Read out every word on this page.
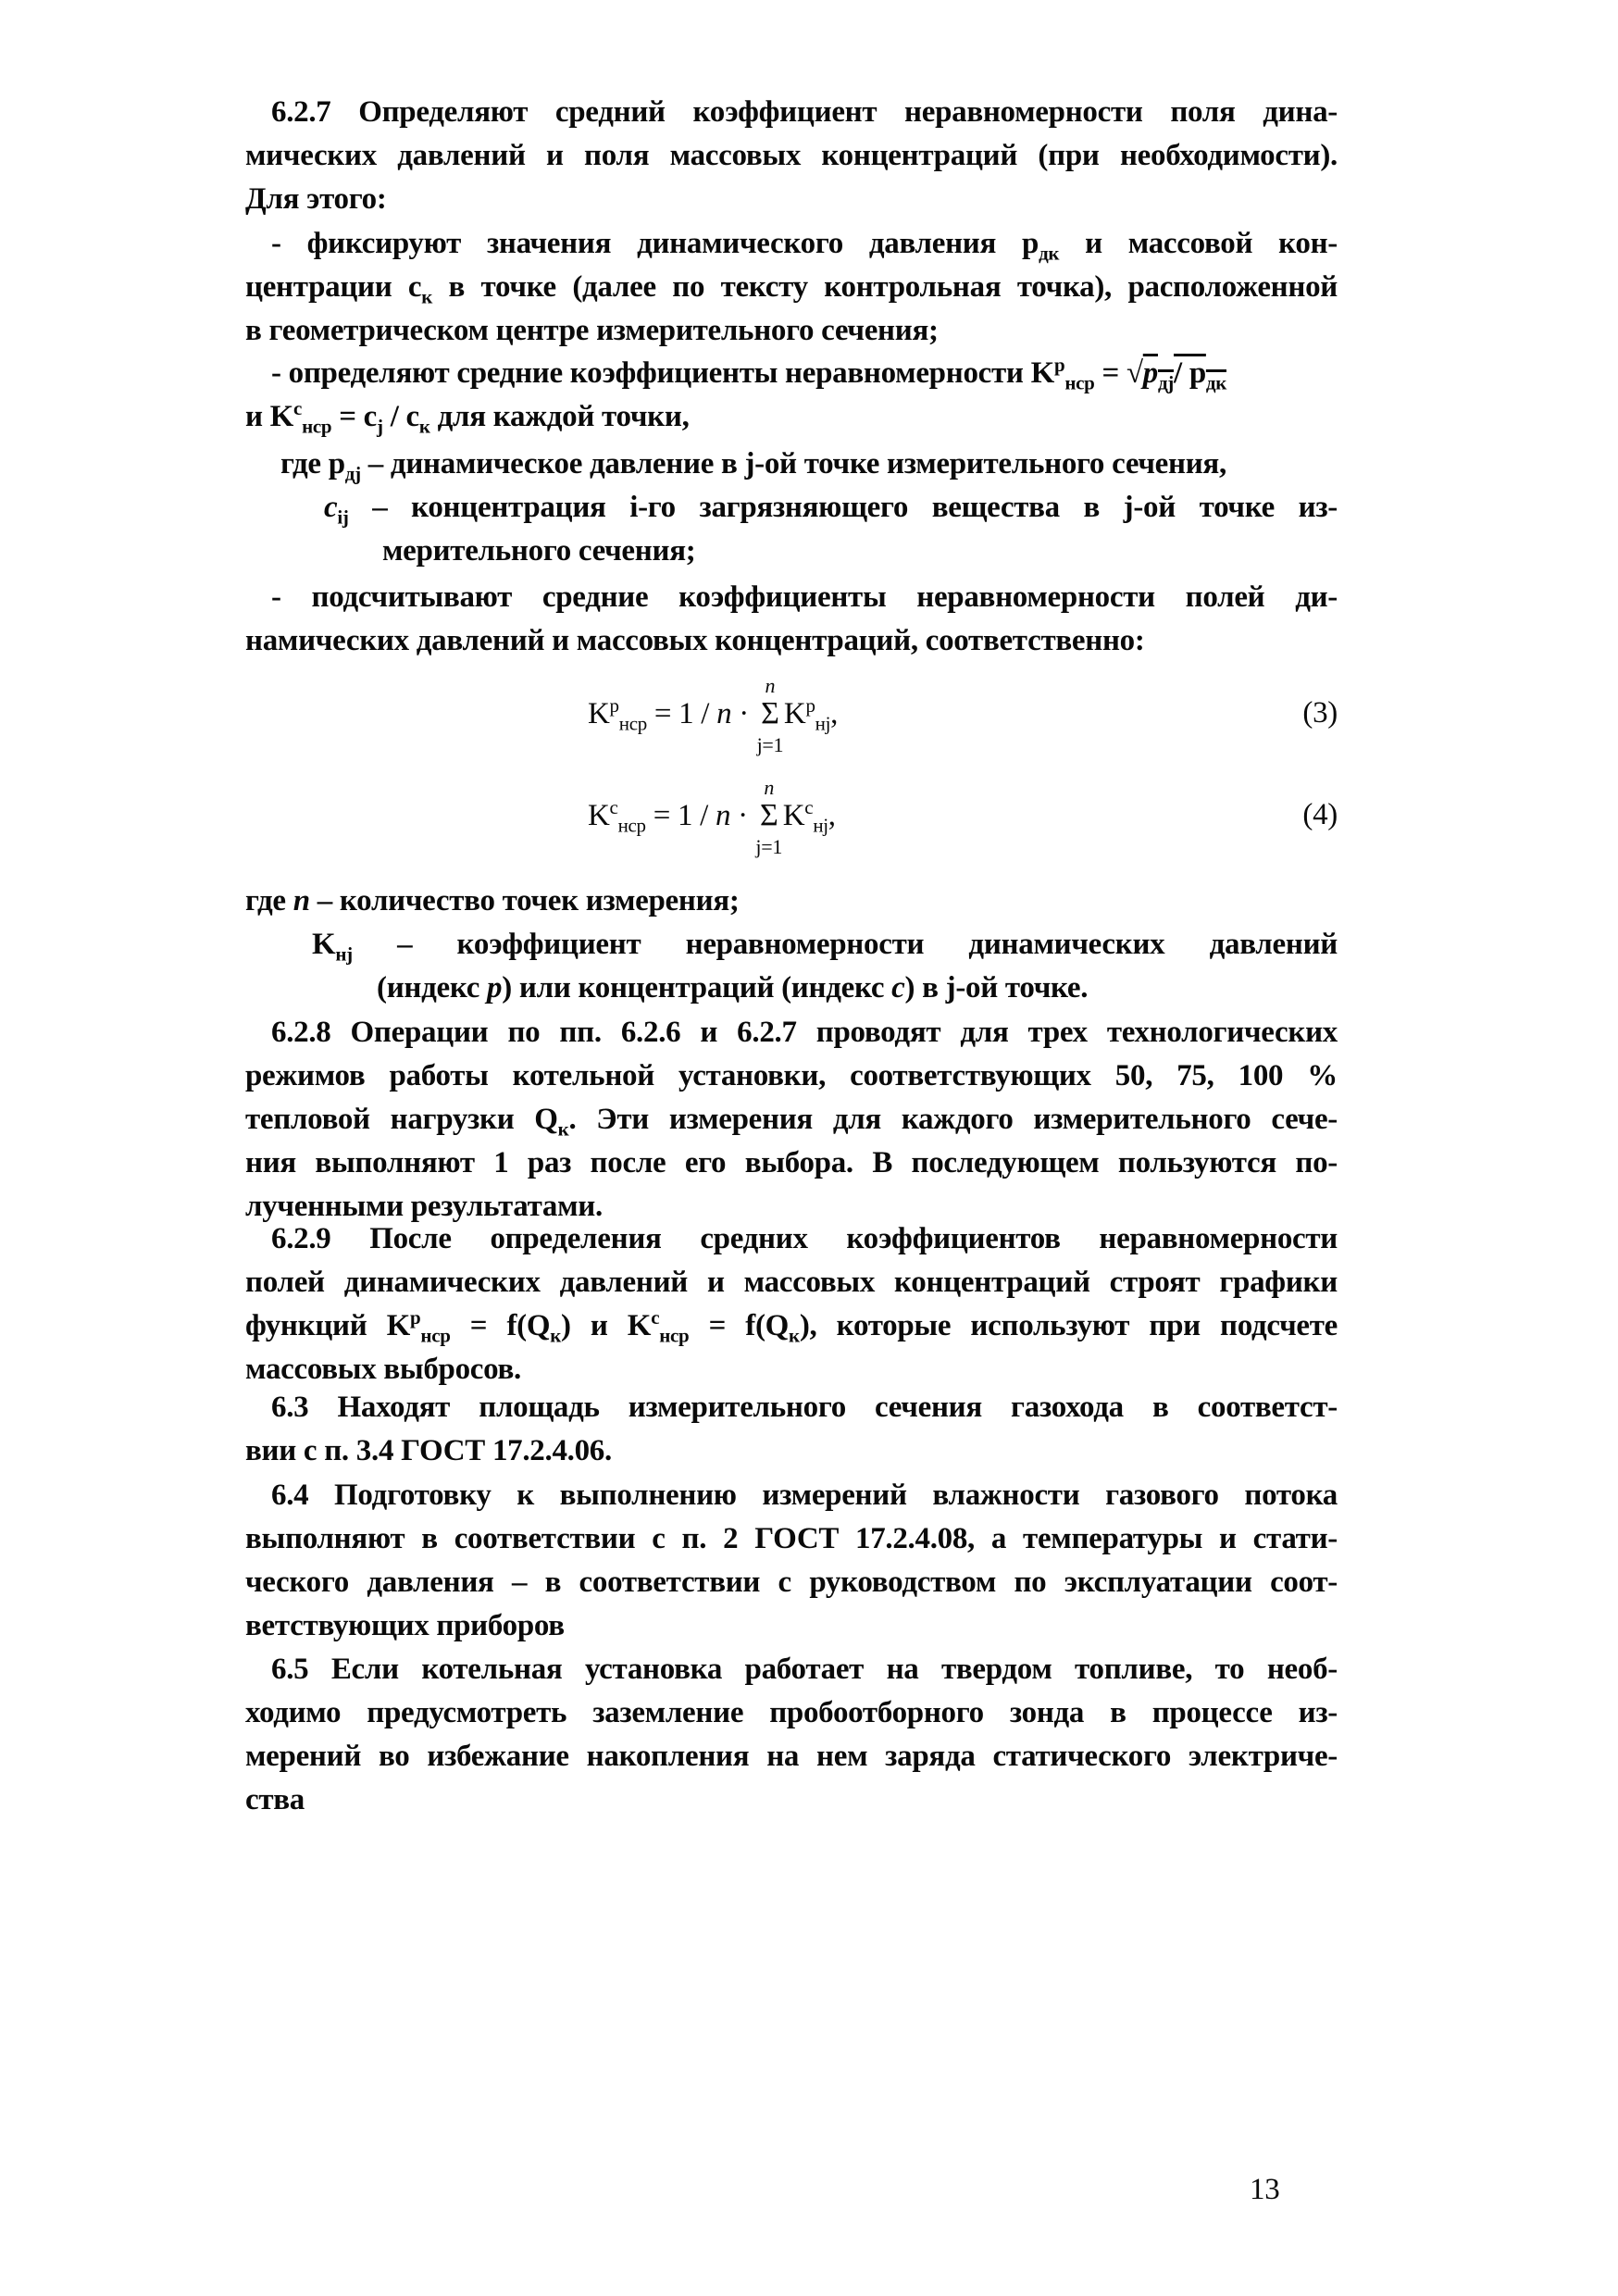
6.2.7 Определяют средний коэффициент неравномерности поля дина-
мических давлений и поля массовых концентраций (при необходимости).
Для этого:
- фиксируют значения динамического давления $p_{дк}$ и массовой кон-
центрации $c_к$ в точке (далее по тексту контрольная точка), расположенной
в геометрическом центре измерительного сечения;
- определяют средние коэффициенты неравномерности $K^p_{нср} = √p_{дj}/$ $p_{дк}$
и $K^c_{нср} = c_j / c_к$ для каждой точки,
где $p_{дj}$ – динамическое давление в j-ой точке измерительного сечения,
$c_{ij}$ – концентрация i-го загрязняющего вещества в j-ой точке из-
мерительного сечения;
- подсчитывают средние коэффициенты неравномерности полей ди-
намических давлений и массовых концентраций, соответственно:
$K^p_{нср} = 1 / n \cdot \Sigma$
n
j=1
$K^p_{нj}$,	(3)
$K^c_{нср} = 1 / n \cdot \Sigma$
n
j=1
$K^c_{нj}$,	(4)
где n – количество точек измерения;
$K_{нj}$ – коэффициент неравномерности динамических давлений
(индекс p) или концентраций (индекс c) в j-ой точке.
6.2.8 Операции по пп. 6.2.6 и 6.2.7 проводят для трех технологических
режимов работы котельной установки, соответствующих 50, 75, 100 %
тепловой нагрузки $Q_к$. Эти измерения для каждого измерительного сече-
ния выполняют 1 раз после его выбора. В последующем пользуются по-
лученными результатами.
6.2.9 После определения средних коэффициентов неравномерности
полей динамических давлений и массовых концентраций строят графики
функций $K^p_{нср} = f(Q_к)$ и $K^c_{нср} = f(Q_к)$, которые используют при подсчете
массовых выбросов.
6.3 Находят площадь измерительного сечения газохода в соответст-
вии с п. 3.4 ГОСТ 17.2.4.06.
6.4 Подготовку к выполнению измерений влажности газового потока
выполняют в соответствии с п. 2 ГОСТ 17.2.4.08, а температуры и стати-
ческого давления – в соответствии с руководством по эксплуатации соот-
ветствующих приборов
6.5 Если котельная установка работает на твердом топливе, то необ-
ходимо предусмотреть заземление пробоотборного зонда в процессе из-
мерений во избежание накопления на нем заряда статического электриче-
ства
13
